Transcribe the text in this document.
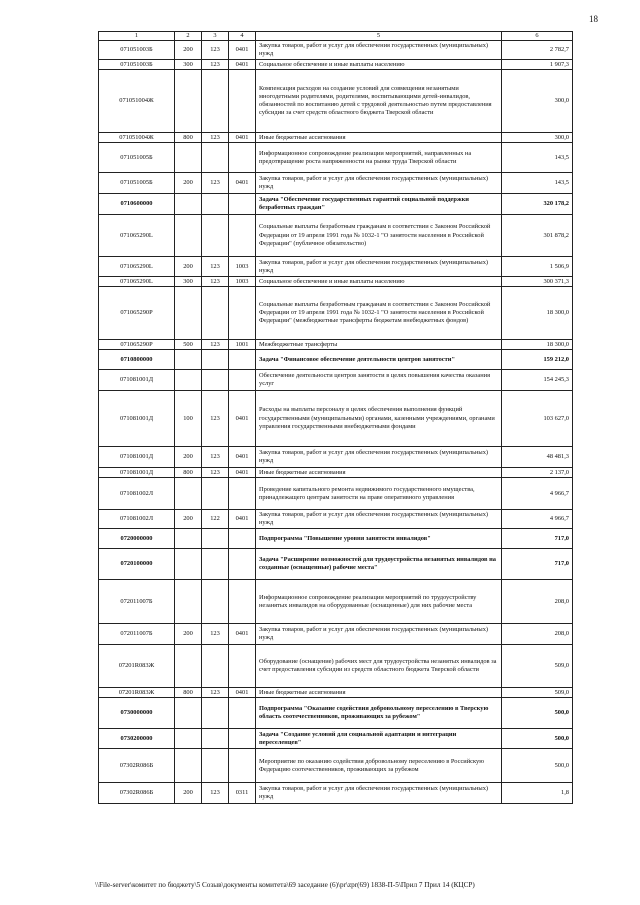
18
1	2	3	4	5	6
071051003Б	200	123	0401	Закупка товаров, работ и услуг для обеспечения государственных (муниципальных) нужд	2 782,7
071051003Б	300	123	0401	Социальное обеспечение и иные выплаты населению	1 907,3
071051004Ж				Компенсация расходов на создание условий для совмещения незанятыми многодетными родителями, родителями, воспитывающими детей-инвалидов, обязанностей по воспитанию детей с трудовой деятельностью путем предоставления субсидии за счет средств областного бюджета Тверской области	300,0
071051004Ж	800	123	0401	Иные бюджетные ассигнования	300,0
071051005Б				Информационное сопровождение реализации мероприятий, направленных на предотвращение роста напряженности на рынке труда Тверской области	143,5
071051005Б	200	123	0401	Закупка товаров, работ и услуг для обеспечения государственных (муниципальных) нужд	143,5
0710600000				Задача "Обеспечение государственных гарантий социальной поддержки безработных граждан"	320 178,2
071065290L				Социальные выплаты безработным гражданам в соответствии с Законом Российской Федерации от 19 апреля 1991 года № 1032-1 "О занятости населения в Российской Федерации" (публичное обязательство)	301 878,2
071065290L	200	123	1003	Закупка товаров, работ и услуг для обеспечения государственных (муниципальных) нужд	1 506,9
071065290L	300	123	1003	Социальное обеспечение и иные выплаты населению	300 371,3
071065290Р				Социальные выплаты безработным гражданам в соответствии с Законом Российской Федерации от 19 апреля 1991 года № 1032-1 "О занятости населения в Российской Федерации" (межбюджетные трансферты бюджетам внебюджетных фондов)	18 300,0
071065290Р	500	123	1001	Межбюджетные трансферты	18 300,0
0710800000				Задача "Финансовое обеспечение деятельности центров занятости"	159 212,0
071081001Д				Обеспечение деятельности центров занятости в целях повышения качества оказания услуг	154 245,3
071081001Д	100	123	0401	Расходы на выплаты персоналу в целях обеспечения выполнения функций государственными (муниципальными) органами, казенными учреждениями, органами управления государственными внебюджетными фондами	103 627,0
071081001Д	200	123	0401	Закупка товаров, работ и услуг для обеспечения государственных (муниципальных) нужд	48 481,3
071081001Д	800	123	0401	Иные бюджетные ассигнования	2 137,0
071081002Л				Проведение капитального ремонта недвижимого государственного имущества, принадлежащего центрам занятости на праве оперативного управления	4 966,7
071081002Л	200	122	0401	Закупка товаров, работ и услуг для обеспечения государственных (муниципальных) нужд	4 966,7
0720000000				Подпрограмма "Повышение уровня занятости инвалидов"	717,0
0720100000				Задача "Расширение возможностей для трудоустройства незанятых инвалидов на созданные (оснащенные) рабочие места"	717,0
072011007Б				Информационное сопровождение реализации мероприятий по трудоустройству незанятых инвалидов на оборудованные (оснащенные) для них рабочие места	208,0
072011007Б	200	123	0401	Закупка товаров, работ и услуг для обеспечения государственных (муниципальных) нужд	208,0
07201R083Ж				Оборудование (оснащение) рабочих мест для трудоустройства незанятых инвалидов за счет предоставления субсидии из средств областного бюджета Тверской области	509,0
07201R083Ж	800	123	0401	Иные бюджетные ассигнования	509,0
0730000000				Подпрограмма "Оказание содействия добровольному переселению в Тверскую область соотечественников, проживающих за рубежом"	500,0
0730200000				Задача "Создание условий для социальной адаптации и интеграции переселенцев"	500,0
07302R086Б				Мероприятие по оказанию содействия добровольному переселению в Российскую Федерацию соотечественников, проживающих за рубежом	500,0
07302R086Б	200	123	0311	Закупка товаров, работ и услуг для обеспечения государственных (муниципальных) нужд	1,8
\\File-server\комитет по бюджету\5 Созыв\документы комитета\69 заседание (6)\pr\zpr(69) 1838-П-5\Прил 7 Прил 14 (КЦСР)
